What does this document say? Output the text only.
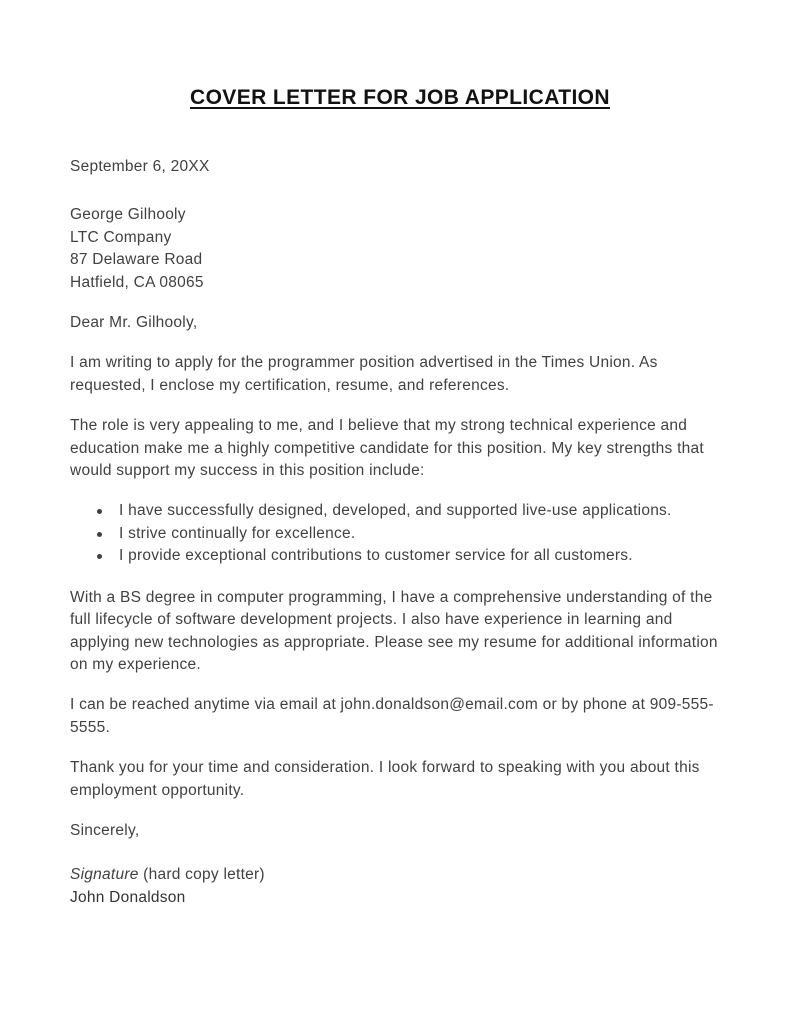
COVER LETTER FOR JOB APPLICATION
September 6, 20XX
George Gilhooly
LTC Company
87 Delaware Road
Hatfield, CA 08065
Dear Mr. Gilhooly,

I am writing to apply for the programmer position advertised in the Times Union. As requested, I enclose my certification, resume, and references.

The role is very appealing to me, and I believe that my strong technical experience and education make me a highly competitive candidate for this position. My key strengths that would support my success in this position include:

I have successfully designed, developed, and supported live-use applications.
I strive continually for excellence.
I provide exceptional contributions to customer service for all customers.

With a BS degree in computer programming, I have a comprehensive understanding of the full lifecycle of software development projects. I also have experience in learning and applying new technologies as appropriate. Please see my resume for additional information on my experience.

I can be reached anytime via email at john.donaldson@email.com or by phone at 909-555-5555.

Thank you for your time and consideration. I look forward to speaking with you about this employment opportunity.

Sincerely,
Signature (hard copy letter)
John Donaldson
